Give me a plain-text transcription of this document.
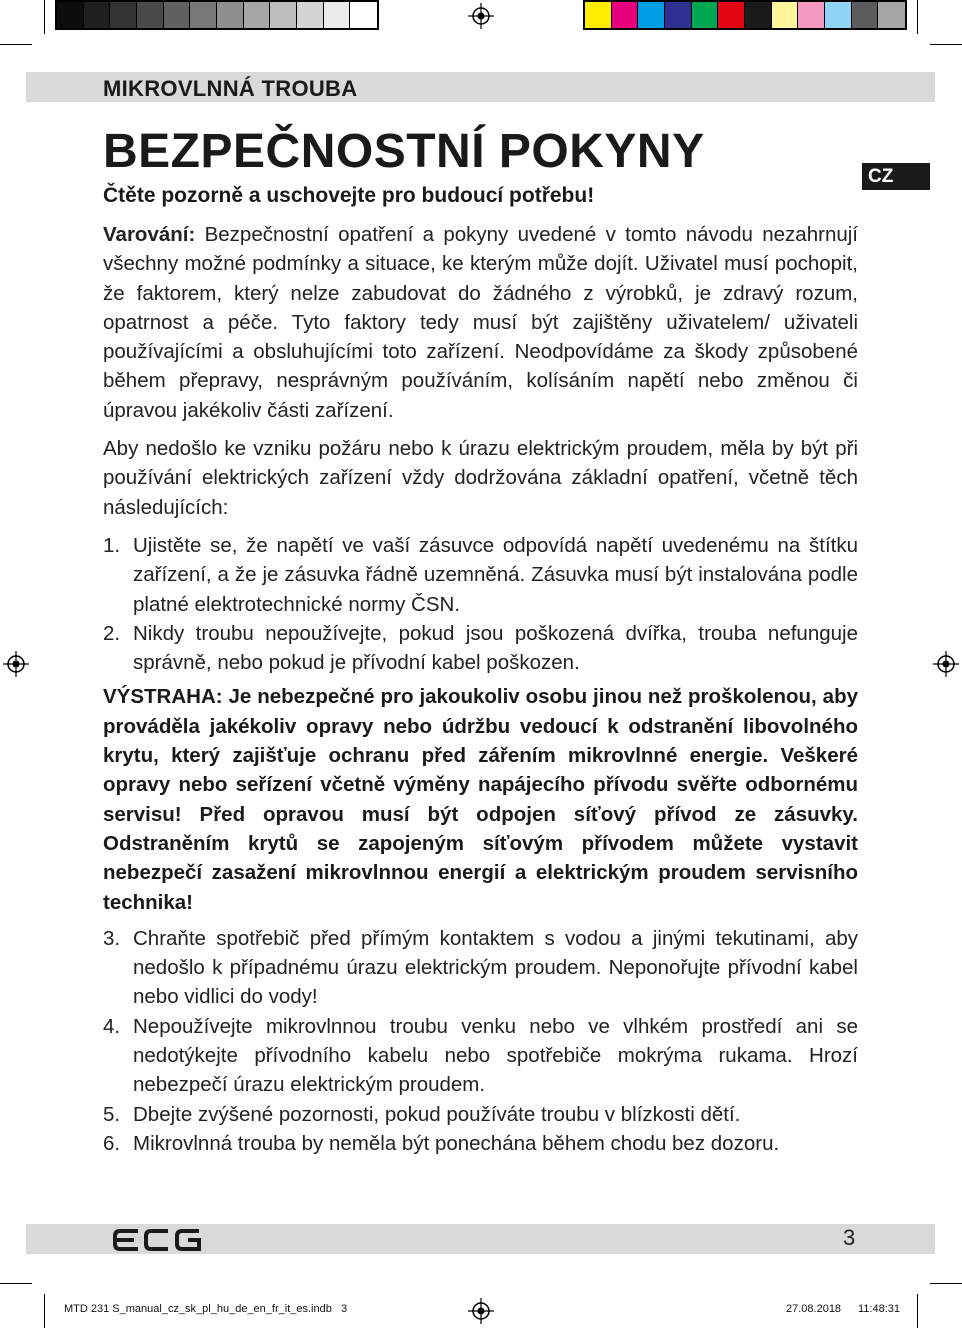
MIKROVLNNÁ TROUBA
CZ
BEZPEČNOSTNÍ POKYNY
Čtěte pozorně a uschovejte pro budoucí potřebu!

Varování: Bezpečnostní opatření a pokyny uvedené v tomto návodu nezahrnují všechny možné podmínky a situace, ke kterým může dojít. Uživatel musí pochopit, že faktorem, který nelze zabudovat do žádného z výrobků, je zdravý rozum, opatrnost a péče. Tyto faktory tedy musí být zajištěny uživatelem/ uživateli používajícími a obsluhujícími toto zařízení. Neodpovídáme za škody způsobené během přepravy, nesprávným používáním, kolísáním napětí nebo změnou či úpravou jakékoliv části zařízení.

Aby nedošlo ke vzniku požáru nebo k úrazu elektrickým proudem, měla by být při používání elektrických zařízení vždy dodržována základní opatření, včetně těch následujících:

1. Ujistěte se, že napětí ve vaší zásuvce odpovídá napětí uvedenému na štítku zařízení, a že je zásuvka řádně uzemněná. Zásuvka musí být instalována podle platné elektrotechnické normy ČSN.
2. Nikdy troubu nepoužívejte, pokud jsou poškozená dvířka, trouba nefunguje správně, nebo pokud je přívodní kabel poškozen.

VÝSTRAHA: Je nebezpečné pro jakoukoliv osobu jinou než proškolenou, aby prováděla jakékoliv opravy nebo údržbu vedoucí k odstranění libovolného krytu, který zajišťuje ochranu před zářením mikrovlnné energie. Veškeré opravy nebo seřízení včetně výměny napájecího přívodu svěřte odbornému servisu! Před opravou musí být odpojen síťový přívod ze zásuvky. Odstraněním krytů se zapojeným síťovým přívodem můžete vystavit nebezpečí zasažení mikrovlnnou energií a elektrickým proudem servisního technika!

3. Chraňte spotřebič před přímým kontaktem s vodou a jinými tekutinami, aby nedošlo k případnému úrazu elektrickým proudem. Neponořujte přívodní kabel nebo vidlici do vody!
4. Nepoužívejte mikrovlnnou troubu venku nebo ve vlhkém prostředí ani se nedotýkejte přívodního kabelu nebo spotřebiče mokrýma rukama. Hrozí nebezpečí úrazu elektrickým proudem.
5. Dbejte zvýšené pozornosti, pokud používáte troubu v blízkosti dětí.
6. Mikrovlnná trouba by neměla být ponechána během chodu bez dozoru.
3
MTD 231 S_manual_cz_sk_pl_hu_de_en_fr_it_es.indb   3	27.08.2018 11:48:31
